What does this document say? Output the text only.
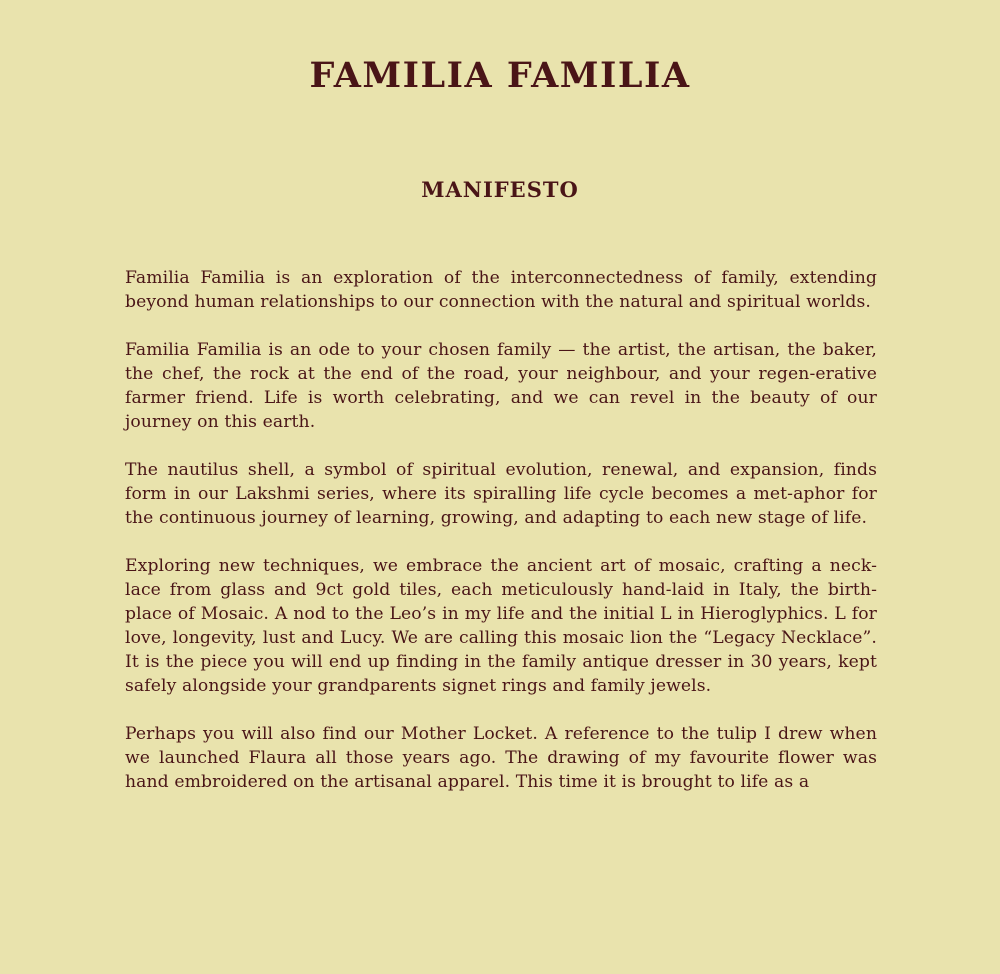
FAMILIA FAMILIA
MANIFESTO

Familia Familia is an exploration of the interconnectedness of family, extending beyond human relationships to our connection with the natural and spiritual worlds.

Familia Familia is an ode to your chosen family — the artist, the artisan, the baker, the chef, the rock at the end of the road, your neighbour, and your regen-erative farmer friend. Life is worth celebrating, and we can revel in the beauty of our journey on this earth.

The nautilus shell, a symbol of spiritual evolution, renewal, and expansion, finds form in our Lakshmi series, where its spiralling life cycle becomes a met-aphor for the continuous journey of learning, growing, and adapting to each new stage of life.

Exploring new techniques, we embrace the ancient art of mosaic, crafting a neck-lace from glass and 9ct gold tiles, each meticulously hand-laid in Italy, the birth-place of Mosaic. A nod to the Leo’s in my life and the initial L in Hieroglyphics. L for love, longevity, lust and Lucy. We are calling this mosaic lion the “Legacy Necklace”. It is the piece you will end up finding in the family antique dresser in 30 years, kept safely alongside your grandparents signet rings and family jewels.

Perhaps you will also find our Mother Locket. A reference to the tulip I drew when we launched Flaura all those years ago. The drawing of my favourite flower was hand embroidered on the artisanal apparel. This time it is brought to life as a
